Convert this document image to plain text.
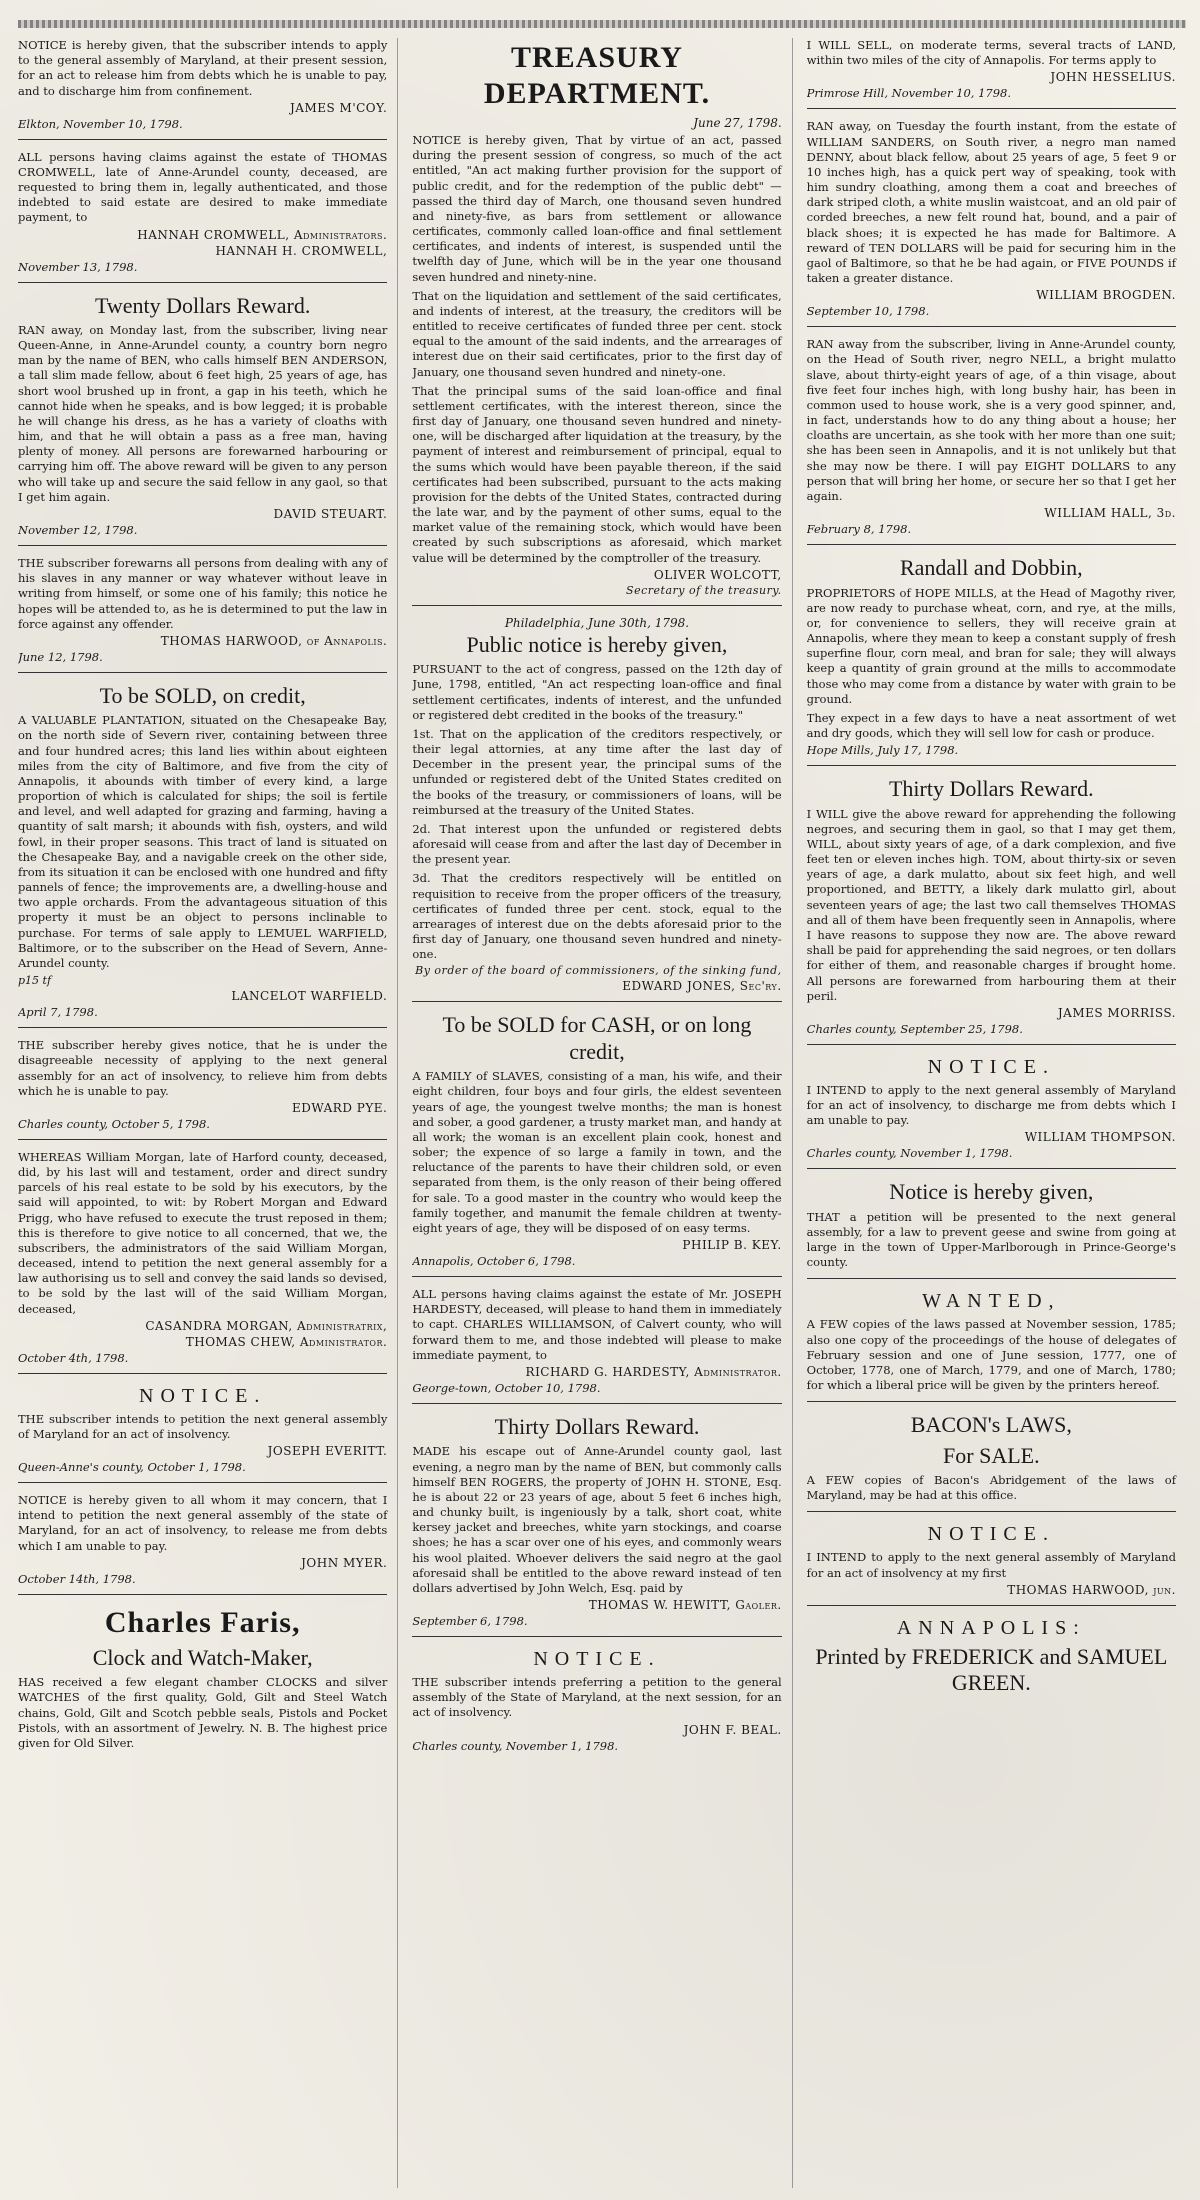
NOTICE is hereby given, that the subscriber intends to apply to the general assembly of Maryland, at their present session, for an act to release him from debts which he is unable to pay, and to discharge him from confinement.

JAMES M'COY.

Elkton, November 10, 1798.

ALL persons having claims against the estate of THOMAS CROMWELL, late of Anne-Arundel county, deceased, are requested to bring them in, legally authenticated, and those indebted to said estate are desired to make immediate payment, to

HANNAH CROMWELL, Administrators.

HANNAH H. CROMWELL,

November 13, 1798.

Twenty Dollars Reward.

RAN away, on Monday last, from the subscriber, living near Queen-Anne, in Anne-Arundel county, a country born negro man by the name of BEN, who calls himself BEN ANDERSON, a tall slim made fellow, about 6 feet high, 25 years of age, has short wool brushed up in front, a gap in his teeth, which he cannot hide when he speaks, and is bow legged; it is probable he will change his dress, as he has a variety of cloaths with him, and that he will obtain a pass as a free man, having plenty of money. All persons are forewarned harbouring or carrying him off. The above reward will be given to any person who will take up and secure the said fellow in any gaol, so that I get him again.

DAVID STEUART.

November 12, 1798.

THE subscriber forewarns all persons from dealing with any of his slaves in any manner or way whatever without leave in writing from himself, or some one of his family; this notice he hopes will be attended to, as he is determined to put the law in force against any offender.

THOMAS HARWOOD, of Annapolis.

June 12, 1798.

To be SOLD, on credit,

A VALUABLE PLANTATION, situated on the Chesapeake Bay, on the north side of Severn river, containing between three and four hundred acres; this land lies within about eighteen miles from the city of Baltimore, and five from the city of Annapolis, it abounds with timber of every kind, a large proportion of which is calculated for ships; the soil is fertile and level, and well adapted for grazing and farming, having a quantity of salt marsh; it abounds with fish, oysters, and wild fowl, in their proper seasons. This tract of land is situated on the Chesapeake Bay, and a navigable creek on the other side, from its situation it can be enclosed with one hundred and fifty pannels of fence; the improvements are, a dwelling-house and two apple orchards. From the advantageous situation of this property it must be an object to persons inclinable to purchase. For terms of sale apply to LEMUEL WARFIELD, Baltimore, or to the subscriber on the Head of Severn, Anne-Arundel county.

p15 tf

LANCELOT WARFIELD.

April 7, 1798.

THE subscriber hereby gives notice, that he is under the disagreeable necessity of applying to the next general assembly for an act of insolvency, to relieve him from debts which he is unable to pay.

EDWARD PYE.

Charles county, October 5, 1798.

WHEREAS William Morgan, late of Harford county, deceased, did, by his last will and testament, order and direct sundry parcels of his real estate to be sold by his executors, by the said will appointed, to wit: by Robert Morgan and Edward Prigg, who have refused to execute the trust reposed in them; this is therefore to give notice to all concerned, that we, the subscribers, the administrators of the said William Morgan, deceased, intend to petition the next general assembly for a law authorising us to sell and convey the said lands so devised, to be sold by the last will of the said William Morgan, deceased,

CASANDRA MORGAN, Administratrix,

THOMAS CHEW, Administrator.

October 4th, 1798.

NOTICE.

THE subscriber intends to petition the next general assembly of Maryland for an act of insolvency.

JOSEPH EVERITT.

Queen-Anne's county, October 1, 1798.

NOTICE is hereby given to all whom it may concern, that I intend to petition the next general assembly of the state of Maryland, for an act of insolvency, to release me from debts which I am unable to pay.

JOHN MYER.

October 14th, 1798.

Charles Faris,
Clock and Watch-Maker,

HAS received a few elegant chamber CLOCKS and silver WATCHES of the first quality, Gold, Gilt and Steel Watch chains, Gold, Gilt and Scotch pebble seals, Pistols and Pocket Pistols, with an assortment of Jewelry. N. B. The highest price given for Old Silver.

TREASURY DEPARTMENT.

June 27, 1798.

NOTICE is hereby given, That by virtue of an act, passed during the present session of congress, so much of the act entitled, "An act making further provision for the support of public credit, and for the redemption of the public debt" — passed the third day of March, one thousand seven hundred and ninety-five, as bars from settlement or allowance certificates, commonly called loan-office and final settlement certificates, and indents of interest, is suspended until the twelfth day of June, which will be in the year one thousand seven hundred and ninety-nine.

That on the liquidation and settlement of the said certificates, and indents of interest, at the treasury, the creditors will be entitled to receive certificates of funded three per cent. stock equal to the amount of the said indents, and the arrearages of interest due on their said certificates, prior to the first day of January, one thousand seven hundred and ninety-one.

That the principal sums of the said loan-office and final settlement certificates, with the interest thereon, since the first day of January, one thousand seven hundred and ninety-one, will be discharged after liquidation at the treasury, by the payment of interest and reimbursement of principal, equal to the sums which would have been payable thereon, if the said certificates had been subscribed, pursuant to the acts making provision for the debts of the United States, contracted during the late war, and by the payment of other sums, equal to the market value of the remaining stock, which would have been created by such subscriptions as aforesaid, which market value will be determined by the comptroller of the treasury.

OLIVER WOLCOTT,

Secretary of the treasury.

Philadelphia, June 30th, 1798.

Public notice is hereby given,

PURSUANT to the act of congress, passed on the 12th day of June, 1798, entitled, "An act respecting loan-office and final settlement certificates, indents of interest, and the unfunded or registered debt credited in the books of the treasury."

1st. That on the application of the creditors respectively, or their legal attornies, at any time after the last day of December in the present year, the principal sums of the unfunded or registered debt of the United States credited on the books of the treasury, or commissioners of loans, will be reimbursed at the treasury of the United States.

2d. That interest upon the unfunded or registered debts aforesaid will cease from and after the last day of December in the present year.

3d. That the creditors respectively will be entitled on requisition to receive from the proper officers of the treasury, certificates of funded three per cent. stock, equal to the arrearages of interest due on the debts aforesaid prior to the first day of January, one thousand seven hundred and ninety-one.

By order of the board of commissioners, of the sinking fund,

EDWARD JONES, Sec'ry.

To be SOLD for CASH, or on long credit,

A FAMILY of SLAVES, consisting of a man, his wife, and their eight children, four boys and four girls, the eldest seventeen years of age, the youngest twelve months; the man is honest and sober, a good gardener, a trusty market man, and handy at all work; the woman is an excellent plain cook, honest and sober; the expence of so large a family in town, and the reluctance of the parents to have their children sold, or even separated from them, is the only reason of their being offered for sale. To a good master in the country who would keep the family together, and manumit the female children at twenty-eight years of age, they will be disposed of on easy terms.

PHILIP B. KEY.

Annapolis, October 6, 1798.

ALL persons having claims against the estate of Mr. JOSEPH HARDESTY, deceased, will please to hand them in immediately to capt. CHARLES WILLIAMSON, of Calvert county, who will forward them to me, and those indebted will please to make immediate payment, to

RICHARD G. HARDESTY, Administrator.

George-town, October 10, 1798.

Thirty Dollars Reward.

MADE his escape out of Anne-Arundel county gaol, last evening, a negro man by the name of BEN, but commonly calls himself BEN ROGERS, the property of JOHN H. STONE, Esq. he is about 22 or 23 years of age, about 5 feet 6 inches high, and chunky built, is ingeniously by a talk, short coat, white kersey jacket and breeches, white yarn stockings, and coarse shoes; he has a scar over one of his eyes, and commonly wears his wool plaited. Whoever delivers the said negro at the gaol aforesaid shall be entitled to the above reward instead of ten dollars advertised by John Welch, Esq. paid by

THOMAS W. HEWITT, Gaoler.

September 6, 1798.

NOTICE.

THE subscriber intends preferring a petition to the general assembly of the State of Maryland, at the next session, for an act of insolvency.

JOHN F. BEAL.

Charles county, November 1, 1798.

I WILL SELL, on moderate terms, several tracts of LAND, within two miles of the city of Annapolis. For terms apply to

JOHN HESSELIUS.

Primrose Hill, November 10, 1798.

RAN away, on Tuesday the fourth instant, from the estate of WILLIAM SANDERS, on South river, a negro man named DENNY, about black fellow, about 25 years of age, 5 feet 9 or 10 inches high, has a quick pert way of speaking, took with him sundry cloathing, among them a coat and breeches of dark striped cloth, a white muslin waistcoat, and an old pair of corded breeches, a new felt round hat, bound, and a pair of black shoes; it is expected he has made for Baltimore. A reward of TEN DOLLARS will be paid for securing him in the gaol of Baltimore, so that he be had again, or FIVE POUNDS if taken a greater distance.

WILLIAM BROGDEN.

September 10, 1798.

RAN away from the subscriber, living in Anne-Arundel county, on the Head of South river, negro NELL, a bright mulatto slave, about thirty-eight years of age, of a thin visage, about five feet four inches high, with long bushy hair, has been in common used to house work, she is a very good spinner, and, in fact, understands how to do any thing about a house; her cloaths are uncertain, as she took with her more than one suit; she has been seen in Annapolis, and it is not unlikely but that she may now be there. I will pay EIGHT DOLLARS to any person that will bring her home, or secure her so that I get her again.

WILLIAM HALL, 3d.

February 8, 1798.

Randall and Dobbin,

PROPRIETORS of HOPE MILLS, at the Head of Magothy river, are now ready to purchase wheat, corn, and rye, at the mills, or, for convenience to sellers, they will receive grain at Annapolis, where they mean to keep a constant supply of fresh superfine flour, corn meal, and bran for sale; they will always keep a quantity of grain ground at the mills to accommodate those who may come from a distance by water with grain to be ground.

They expect in a few days to have a neat assortment of wet and dry goods, which they will sell low for cash or produce.

Hope Mills, July 17, 1798.

Thirty Dollars Reward.

I WILL give the above reward for apprehending the following negroes, and securing them in gaol, so that I may get them, WILL, about sixty years of age, of a dark complexion, and five feet ten or eleven inches high. TOM, about thirty-six or seven years of age, a dark mulatto, about six feet high, and well proportioned, and BETTY, a likely dark mulatto girl, about seventeen years of age; the last two call themselves THOMAS and all of them have been frequently seen in Annapolis, where I have reasons to suppose they now are. The above reward shall be paid for apprehending the said negroes, or ten dollars for either of them, and reasonable charges if brought home. All persons are forewarned from harbouring them at their peril.

JAMES MORRISS.

Charles county, September 25, 1798.

NOTICE.

I INTEND to apply to the next general assembly of Maryland for an act of insolvency, to discharge me from debts which I am unable to pay.

WILLIAM THOMPSON.

Charles county, November 1, 1798.

Notice is hereby given,

THAT a petition will be presented to the next general assembly, for a law to prevent geese and swine from going at large in the town of Upper-Marlborough in Prince-George's county.

WANTED,

A FEW copies of the laws passed at November session, 1785; also one copy of the proceedings of the house of delegates of February session and one of June session, 1777, one of October, 1778, one of March, 1779, and one of March, 1780; for which a liberal price will be given by the printers hereof.

BACON's LAWS,
For SALE.

A FEW copies of Bacon's Abridgement of the laws of Maryland, may be had at this office.

NOTICE.

I INTEND to apply to the next general assembly of Maryland for an act of insolvency at my first

THOMAS HARWOOD, jun.

ANNAPOLIS:
Printed by FREDERICK and SAMUEL GREEN.
